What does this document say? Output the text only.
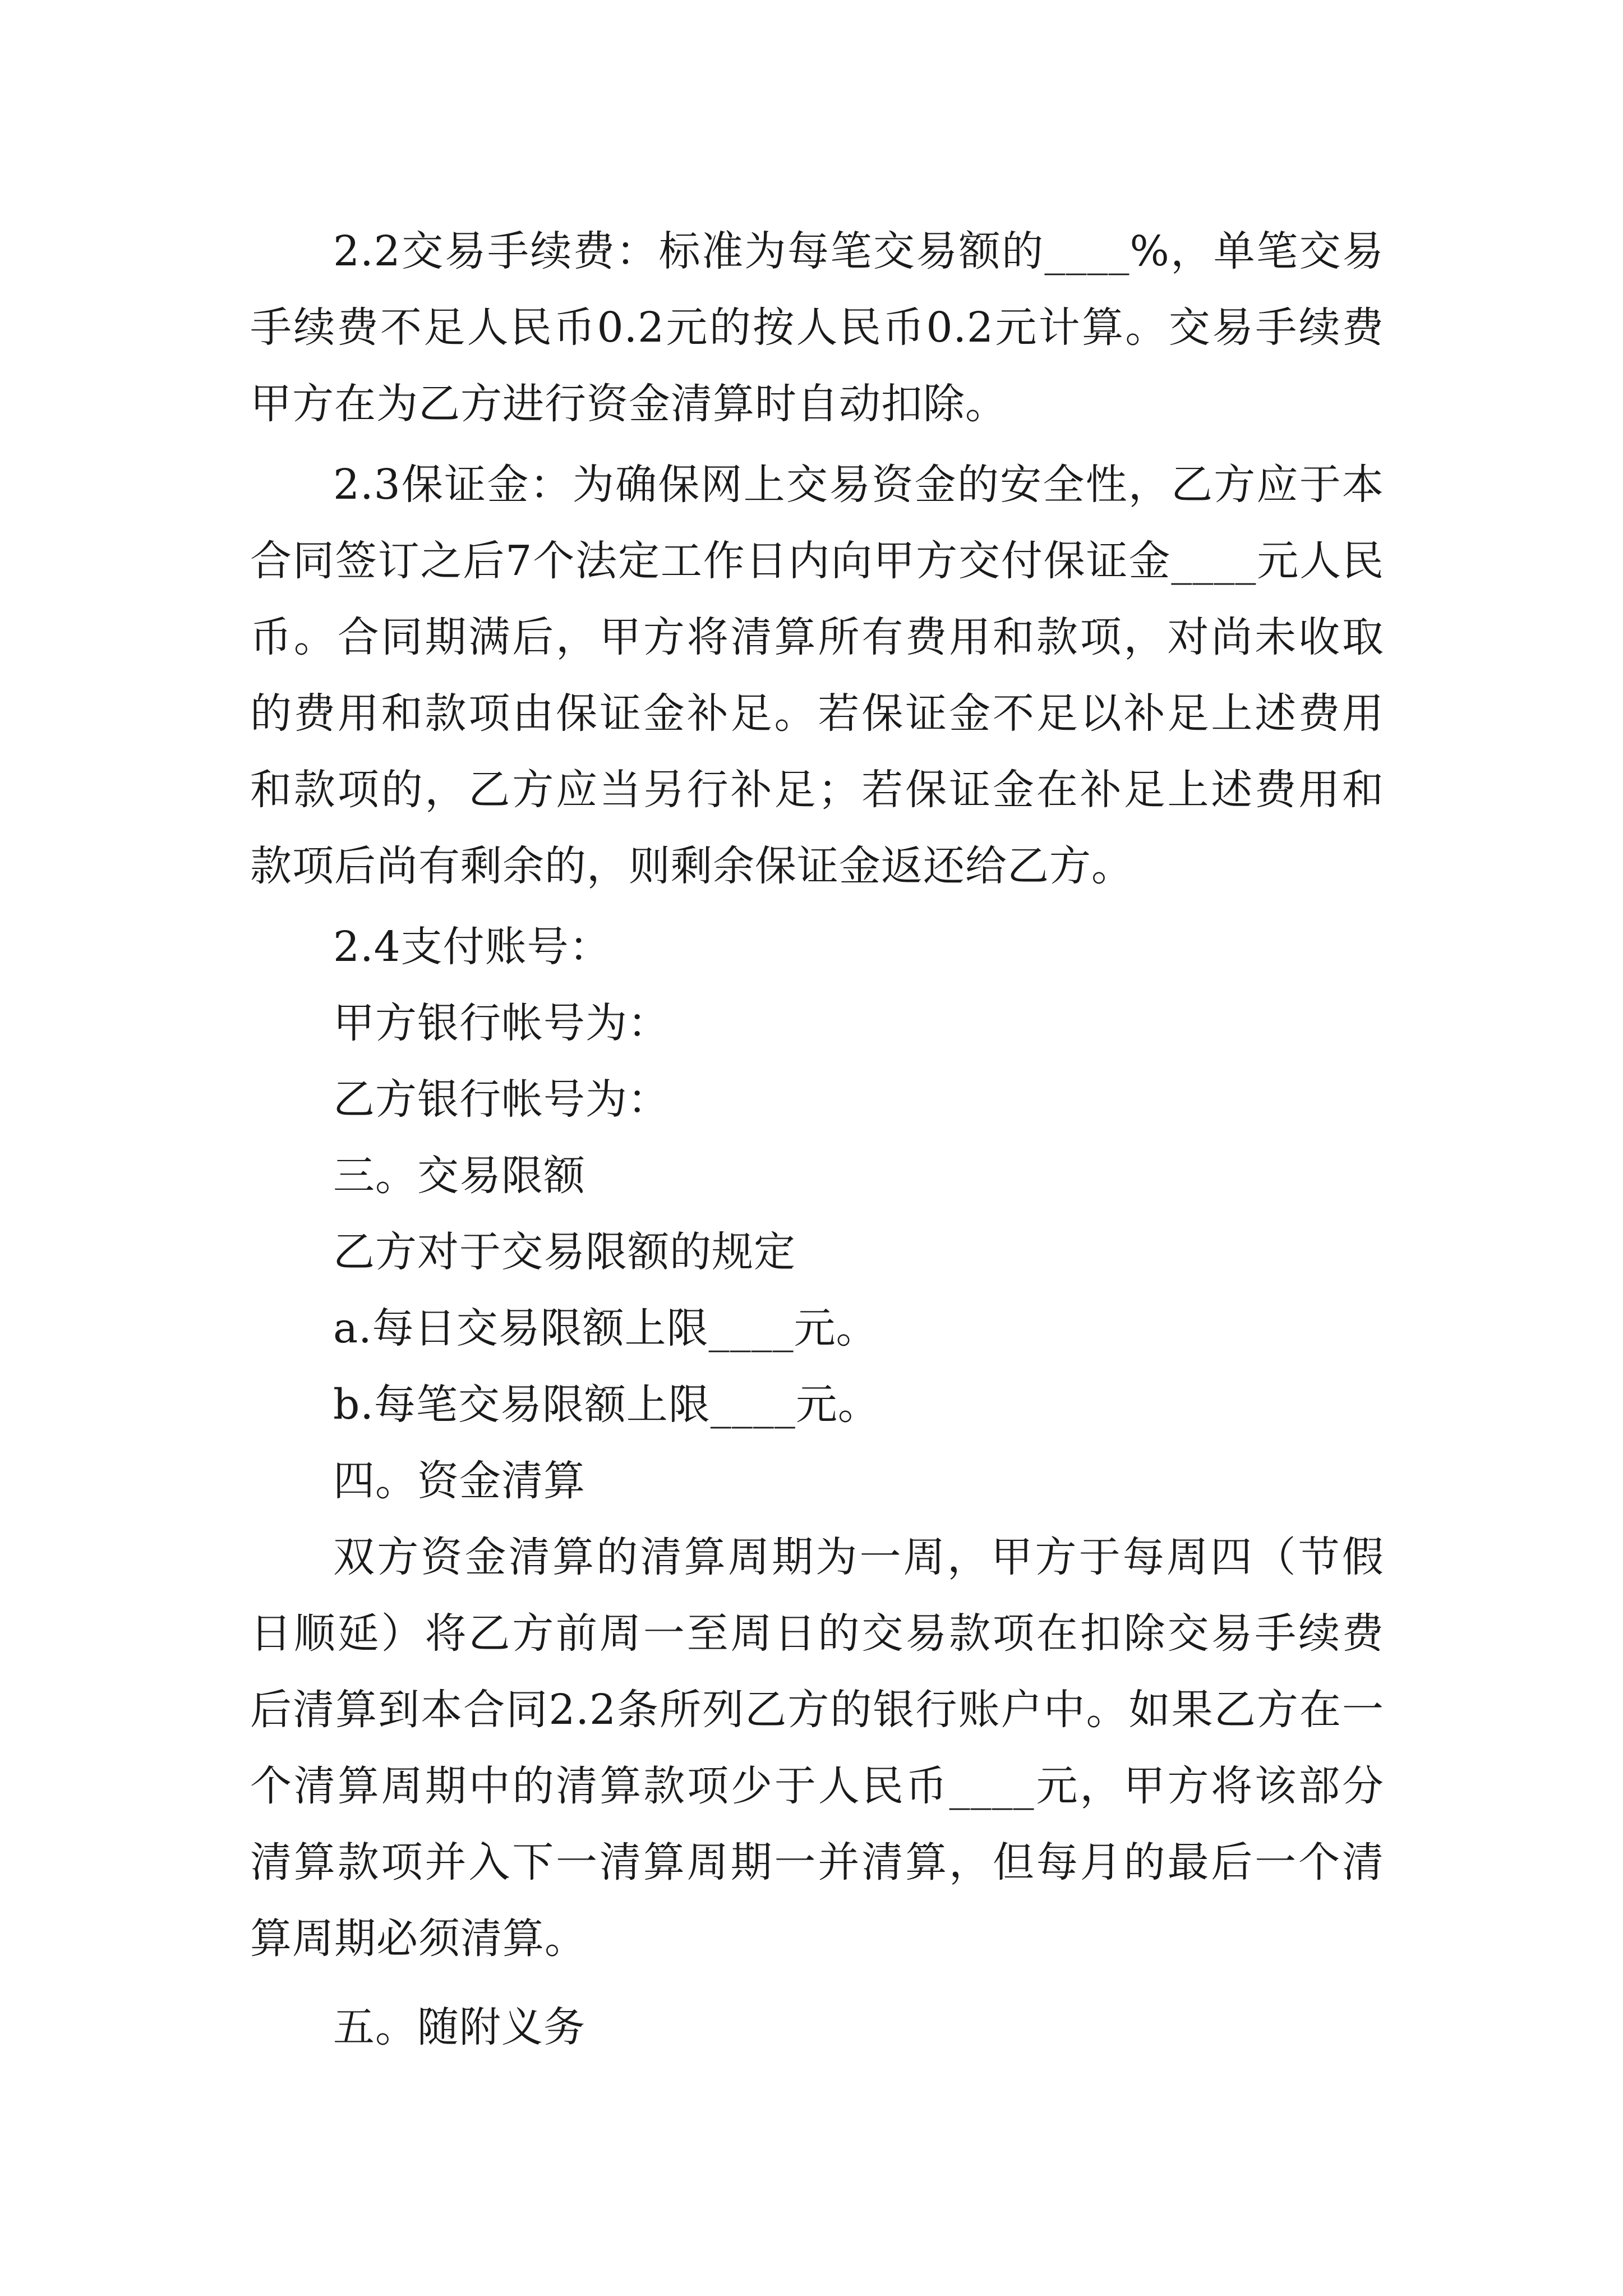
2.2交易手续费：标准为每笔交易额的____%，单笔交易手续费不足人民币0.2元的按人民币0.2元计算。交易手续费甲方在为乙方进行资金清算时自动扣除。

2.3保证金：为确保网上交易资金的安全性，乙方应于本合同签订之后7个法定工作日内向甲方交付保证金____元人民币。合同期满后，甲方将清算所有费用和款项，对尚未收取的费用和款项由保证金补足。若保证金不足以补足上述费用和款项的，乙方应当另行补足；若保证金在补足上述费用和款项后尚有剩余的，则剩余保证金返还给乙方。

2.4支付账号：

甲方银行帐号为：

乙方银行帐号为：

三。交易限额

乙方对于交易限额的规定

a.每日交易限额上限____元。

b.每笔交易限额上限____元。

四。资金清算

双方资金清算的清算周期为一周，甲方于每周四（节假日顺延）将乙方前周一至周日的交易款项在扣除交易手续费后清算到本合同2.2条所列乙方的银行账户中。如果乙方在一个清算周期中的清算款项少于人民币____元，甲方将该部分清算款项并入下一清算周期一并清算，但每月的最后一个清算周期必须清算。

五。随附义务
